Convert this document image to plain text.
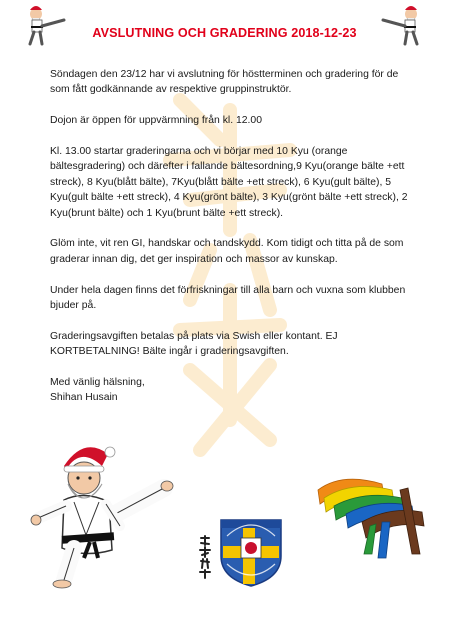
AVSLUTNING OCH GRADERING 2018-12-23

Söndagen den 23/12 har vi avslutning för höstterminen och gradering för de som fått godkännande av respektive gruppinstruktör.

Dojon är öppen för uppvärmning från kl. 12.00

Kl. 13.00 startar graderingarna och vi börjar med 10 Kyu (orange bältesgradering) och därefter i fallande bältesordning,9 Kyu(orange bälte +ett streck), 8 Kyu(blått bälte), 7Kyu(blått bälte +ett streck), 6 Kyu(gult bälte), 5 Kyu(gult bälte +ett streck), 4 Kyu(grönt bälte), 3 Kyu(grönt bälte +ett streck), 2 Kyu(brunt bälte) och 1 Kyu(brunt bälte +ett streck).

Glöm inte, vit ren GI, handskar och tandskydd. Kom tidigt och titta på de som graderar innan dig, det ger inspiration och massor av kunskap.

Under hela dagen finns det förfriskningar till alla barn och vuxna som klubben bjuder på.

Graderingsavgiften betalas på plats via Swish eller kontant. EJ KORTBETALNING! Bälte ingår i graderingsavgiften.

Med vänlig hälsning,

Shihan Husain
